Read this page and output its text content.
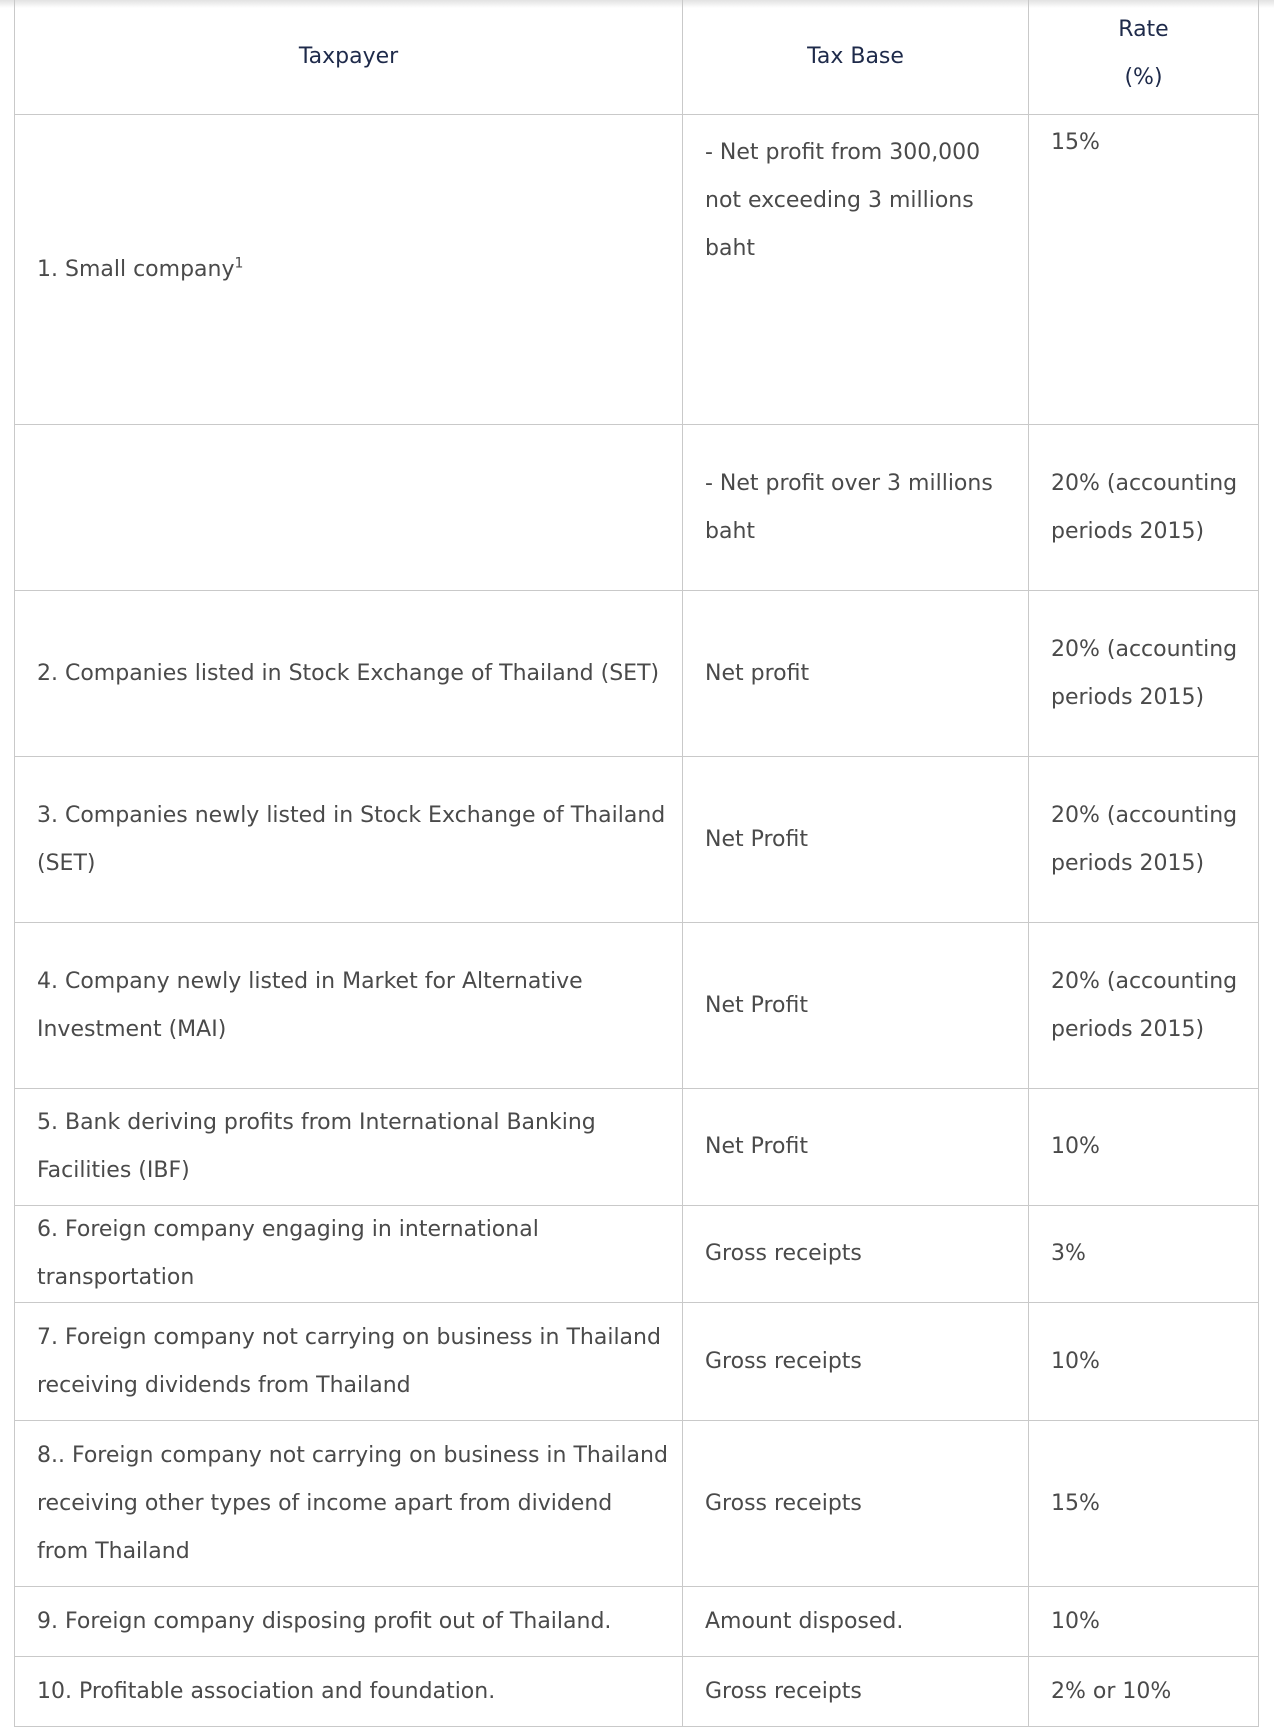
Taxpayer	Tax Base	Rate
(%)

1. Small company$^1$	- Net profit from 300,000 not exceeding 3 millions baht	15%
	- Net profit over 3 millions baht	20% (accounting periods 2015)
2. Companies listed in Stock Exchange of Thailand (SET)	Net profit	20% (accounting periods 2015)
3. Companies newly listed in Stock Exchange of Thailand (SET)	Net Profit	20% (accounting periods 2015)
4. Company newly listed in Market for Alternative Investment (MAI)	Net Profit	20% (accounting periods 2015)
5. Bank deriving profits from International Banking Facilities (IBF)	Net Profit	10%
6. Foreign company engaging in international transportation	Gross receipts	3%
7. Foreign company not carrying on business in Thailand receiving dividends from Thailand	Gross receipts	10%
8.. Foreign company not carrying on business in Thailand receiving other types of income apart from dividend from Thailand	Gross receipts	15%
9. Foreign company disposing profit out of Thailand.	Amount disposed.	10%
10. Profitable association and foundation.	Gross receipts	2% or 10%
